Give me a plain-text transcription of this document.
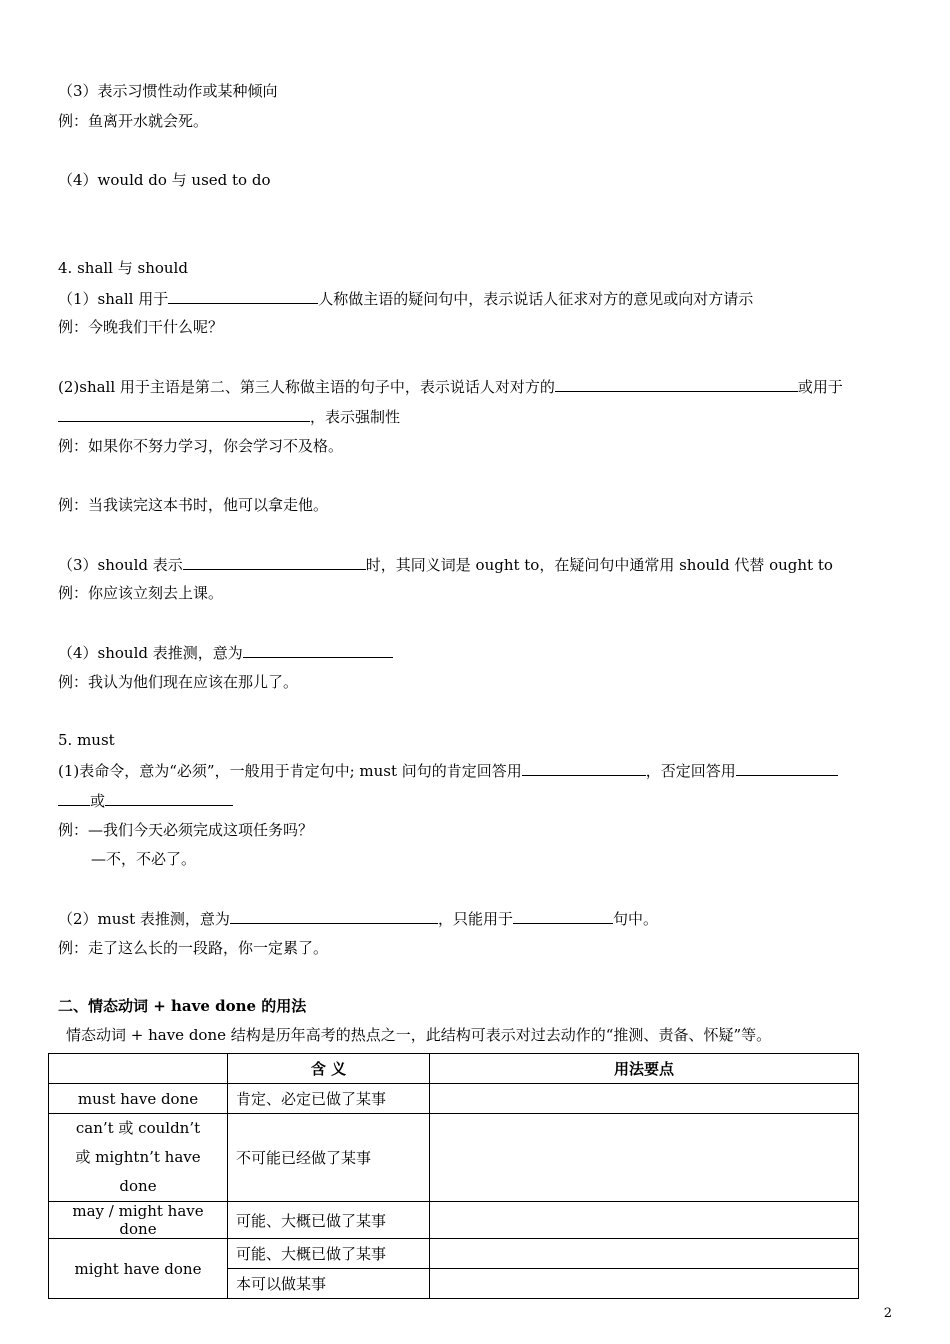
（3）表示习惯性动作或某种倾向
例：鱼离开水就会死。
（4）would do 与 used to do
4. shall 与 should
（1）shall 用于	人称做主语的疑问句中，表示说话人征求对方的意见或向对方请示
例：今晚我们干什么呢？
(2)shall 用于主语是第二、第三人称做主语的句子中，表示说话人对对方的	或用于
，表示强制性
例：如果你不努力学习，你会学习不及格。
例：当我读完这本书时，他可以拿走他。
（3）should 表示	时，其同义词是 ought to，在疑问句中通常用 should 代替 ought to
例：你应该立刻去上课。
（4）should 表推测，意为
例：我认为他们现在应该在那儿了。
5. must
(1)表命令，意为“必须”，一般用于肯定句中; must 问句的肯定回答用	，否定回答用
或
例：—我们今天必须完成这项任务吗？
—不，不必了。
（2）must 表推测，意为	，只能用于	句中。
例：走了这么长的一段路，你一定累了。
二、情态动词 + have done 的用法
情态动词 + have done 结构是历年高考的热点之一，此结构可表示对过去动作的“推测、责备、怀疑”等。
	含 义	用法要点
must have done	肯定、必定已做了某事	

can’t 或 couldn’t
或 mightn’t have done	不可能已经做了某事	
may / might have done	可能、大概已做了某事	
might have done	可能、大概已做了某事	
	本可以做某事	
2
